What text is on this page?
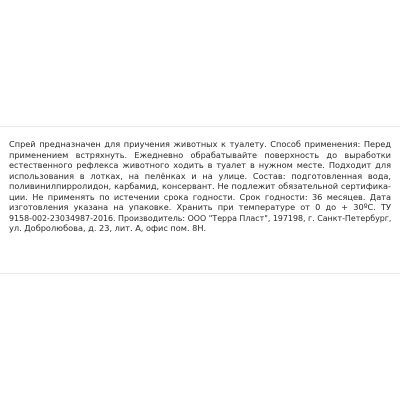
Спрей предназначен для приучения животных к туалету. Способ применения: Перед
применением встряхнуть. Ежедневно обрабатывайте поверхность до выработки
естественного рефлекса животного ходить в туалет в нужном месте. Подходит для
использования в лотках, на пелёнках и на улице. Состав: подготовленная вода,
поливинилпирролидон, карбамид, консервант. Не подлежит обязательной сертифика-
ции. Не применять по истечении срока годности. Срок годности: 36 месяцев. Дата
изготовления указана на упаковке. Хранить при температуре от 0 до + 30ºС. ТУ
9158-002-23034987-2016. Производитель: ООО "Терра Пласт", 197198, г. Санкт-Петербург,
ул. Добролюбова, д. 23, лит. А, офис пом. 8Н.
